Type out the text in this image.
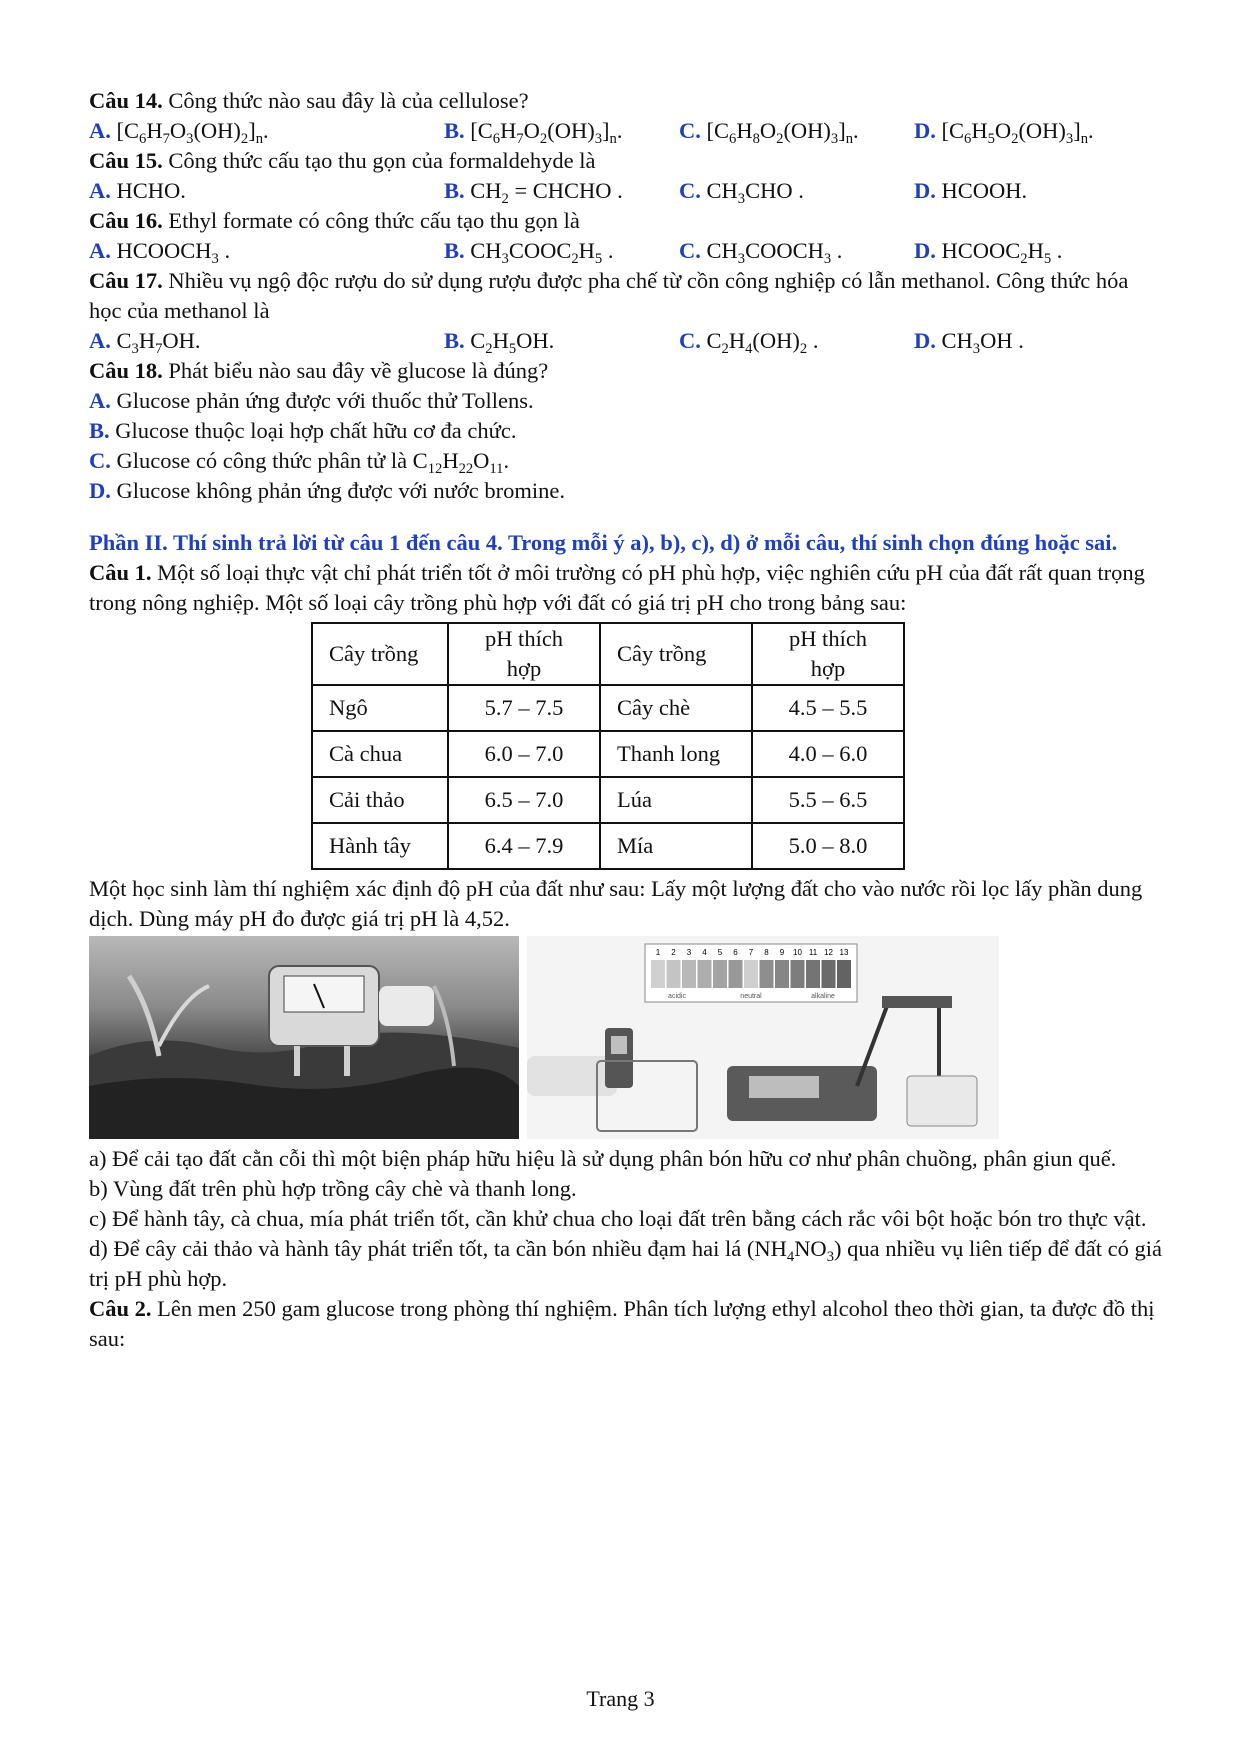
Câu 14. Công thức nào sau đây là của cellulose?

A. $[C_6H_7O_3(OH)_2]_n$.	B. $[C_6H_7O_2(OH)_3]_n$.	C. $[C_6H_8O_2(OH)_3]_n$.	D. $[C_6H_5O_2(OH)_3]_n$.

Câu 15. Công thức cấu tạo thu gọn của formaldehyde là

A. HCHO.	B. $CH_2$ = CHCHO .	C. $CH_3CHO$ .	D. HCOOH.

Câu 16. Ethyl formate có công thức cấu tạo thu gọn là

A. $HCOOCH_3$ .	B. $CH_3COOC_2H_5$ .	C. $CH_3COOCH_3$ .	D. $HCOOC_2H_5$ .

Câu 17. Nhiều vụ ngộ độc rượu do sử dụng rượu được pha chế từ cồn công nghiệp có lẫn methanol. Công thức hóa học của methanol là

A. $C_3H_7OH$.	B. $C_2H_5OH$.	C. $C_2H_4(OH)_2$ .	D. $CH_3OH$ .

Câu 18. Phát biểu nào sau đây về glucose là đúng?

A. Glucose phản ứng được với thuốc thử Tollens.

B. Glucose thuộc loại hợp chất hữu cơ đa chức.

C. Glucose có công thức phân tử là $C_{12}H_{22}O_{11}$.

D. Glucose không phản ứng được với nước bromine.

Phần II. Thí sinh trả lời từ câu 1 đến câu 4. Trong mỗi ý a), b), c), d) ở mỗi câu, thí sinh chọn đúng hoặc sai.

Câu 1. Một số loại thực vật chỉ phát triển tốt ở môi trường có pH phù hợp, việc nghiên cứu pH của đất rất quan trọng trong nông nghiệp. Một số loại cây trồng phù hợp với đất có giá trị pH cho trong bảng sau:

Cây trồng	pH thích hợp	Cây trồng	pH thích hợp
Ngô	5.7 – 7.5	Cây chè	4.5 – 5.5
Cà chua	6.0 – 7.0	Thanh long	4.0 – 6.0
Cải thảo	6.5 – 7.0	Lúa	5.5 – 6.5
Hành tây	6.4 – 7.9	Mía	5.0 – 8.0

Một học sinh làm thí nghiệm xác định độ pH của đất như sau: Lấy một lượng đất cho vào nước rồi lọc lấy phần dung dịch. Dùng máy pH đo được giá trị pH là 4,52.

1 2 3 4 5 6 7 8 9 10 11 12 13
acidic	neutral	alkaline

a) Để cải tạo đất cằn cỗi thì một biện pháp hữu hiệu là sử dụng phân bón hữu cơ như phân chuồng, phân giun quế.

b) Vùng đất trên phù hợp trồng cây chè và thanh long.

c) Để hành tây, cà chua, mía phát triển tốt, cần khử chua cho loại đất trên bằng cách rắc vôi bột hoặc bón tro thực vật.

d) Để cây cải thảo và hành tây phát triển tốt, ta cần bón nhiều đạm hai lá $(NH_4NO_3)$ qua nhiều vụ liên tiếp để đất có giá trị pH phù hợp.

Câu 2. Lên men 250 gam glucose trong phòng thí nghiệm. Phân tích lượng ethyl alcohol theo thời gian, ta được đồ thị sau:

Trang 3
